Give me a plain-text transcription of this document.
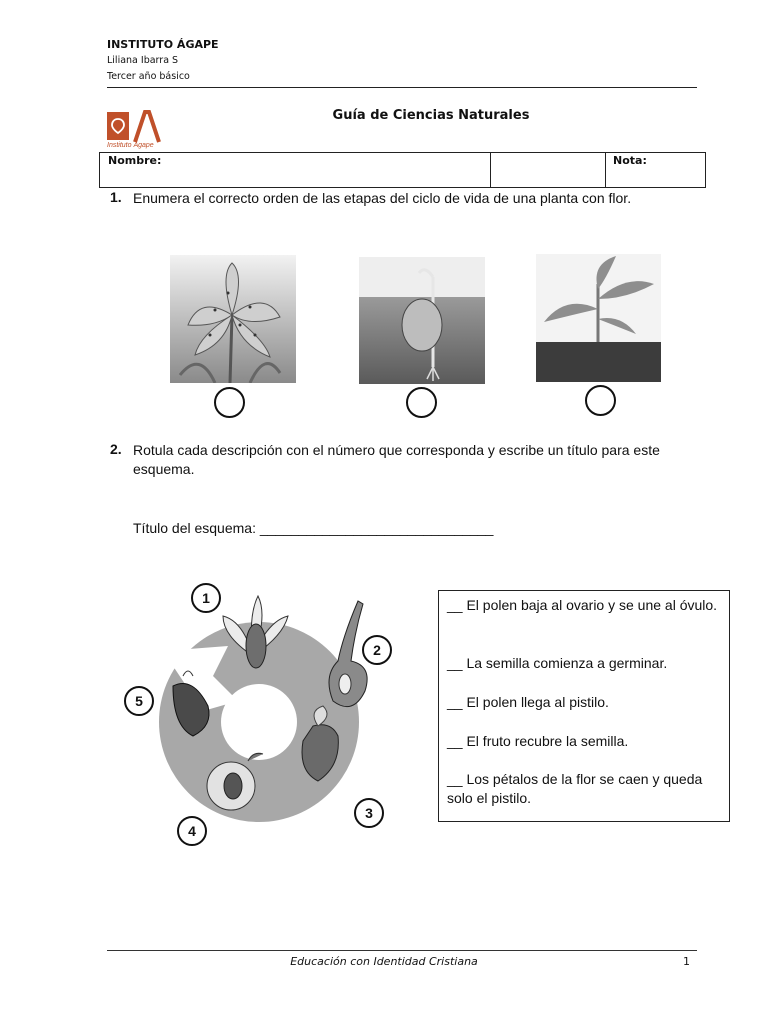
INSTITUTO ÁGAPE
Liliana Ibarra S
Tercer año básico
Instituto Ágape
Guía de Ciencias Naturales
Nombre:	Nota:
1. Enumera el correcto orden de las etapas del ciclo de vida de una planta con flor.
2. Rotula cada descripción con el número que corresponda y escribe un título para este esquema.
Título del esquema: ______________________________
1
2
3
4
5
__ El polen baja al ovario y se une al óvulo.
__ La semilla comienza a germinar.
__ El polen llega al pistilo.
__ El fruto recubre la semilla.
__ Los pétalos de la flor se caen y queda solo el pistilo.
Educación con Identidad Cristiana	1
